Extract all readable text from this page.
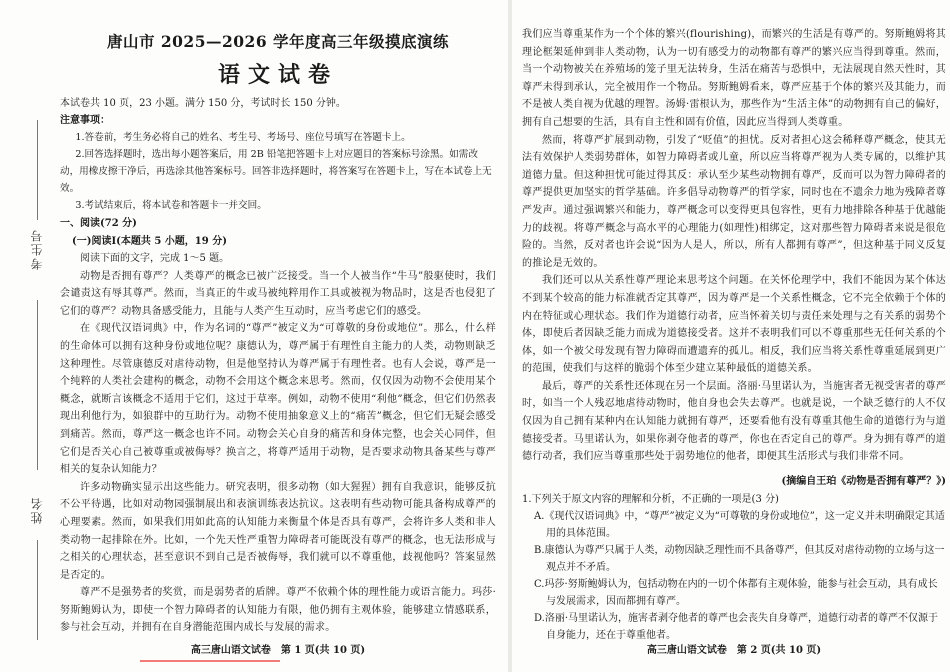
考生号
姓名
唐山市 2025—2026 学年度高三年级摸底演练
语文试卷

本试卷共 10 页，23 小题。满分 150 分，考试时长 150 分钟。

注意事项：

1.答卷前，考生务必将自己的姓名、考生号、考场号、座位号填写在答题卡上。

2.回答选择题时，选出每小题答案后，用 2B 铅笔把答题卡上对应题目的答案标号涂黑。如需改动，用橡皮擦干净后，再选涂其他答案标号。回答非选择题时，将答案写在答题卡上，写在本试卷上无效。

3.考试结束后，将本试卷和答题卡一并交回。

一、阅读(72 分)
(一)阅读Ⅰ(本题共 5 小题，19 分)

阅读下面的文字，完成 1～5 题。

动物是否拥有尊严？人类尊严的概念已被广泛接受。当一个人被当作“牛马”般驱使时，我们会谴责这有辱其尊严。然而，当真正的牛或马被纯粹用作工具或被视为物品时，这是否也侵犯了它们的尊严？动物具备感受能力，且能与人类产生互动时，应当考虑它们的感受。

在《现代汉语词典》中，作为名词的“尊严”被定义为“可尊敬的身份或地位”。那么，什么样的生命体可以拥有这种身份或地位呢？康德认为，尊严属于有理性自主能力的人类，动物则缺乏这种理性。尽管康德反对虐待动物，但是他坚持认为尊严属于有理性者。也有人会说，尊严是一个纯粹的人类社会建构的概念，动物不会用这个概念来思考。然而，仅仅因为动物不会使用某个概念，就断言该概念不适用于它们，这过于草率。例如，动物不使用“利他”概念，但它们仍然表现出利他行为，如狼群中的互助行为。动物不使用抽象意义上的“痛苦”概念，但它们无疑会感受到痛苦。然而，尊严这一概念也许不同。动物会关心自身的痛苦和身体完整，也会关心同伴，但它们是否关心自己被尊重或被侮辱？换言之，将尊严适用于动物，是否要求动物具备某些与尊严相关的复杂认知能力？

许多动物确实显示出这些能力。研究表明，很多动物（如大猩猩）拥有自我意识，能够反抗不公平待遇，比如对动物园强制展出和表演训练表达抗议。这表明有些动物可能具备构成尊严的心理要素。然而，如果我们用如此高的认知能力来衡量个体是否具有尊严，会将许多人类和非人类动物一起排除在外。比如，一个先天性严重智力障碍者可能既没有尊严的概念，也无法形成与之相关的心理状态，甚至意识不到自己是否被侮辱，我们就可以不尊重他，歧视他吗？答案显然是否定的。

尊严不是强势者的奖赏，而是弱势者的盾牌。尊严不依赖个体的理性能力或语言能力。玛莎·努斯鲍姆认为，即使一个智力障碍者的认知能力有限，他仍拥有主观体验，能够建立情感联系，参与社会互动，并拥有在自身潜能范围内成长与发展的需求。

高三唐山语文试卷　第 1 页(共 10 页)

我们应当尊重某作为一个个体的繁兴(flourishing)，而繁兴的生活是有尊严的。努斯鲍姆将其理论框架延伸到非人类动物，认为一切有感受力的动物都有尊严的繁兴应当得到尊重。然而，当一个动物被关在养殖场的笼子里无法转身，生活在痛苦与恐惧中，无法展现自然天性时，其尊严未得到承认，完全被用作一个物品。努斯鲍姆看来，尊严应基于个体的繁兴及其能力，而不是被人类自视为优越的理智。汤姆·雷根认为，那些作为“生活主体”的动物拥有自己的偏好，拥有自己想要的生活，具有自主性和固有价值，因此应当得到人类尊重。

然而，将尊严扩展到动物，引发了“贬值”的担忧。反对者担心这会稀释尊严概念，使其无法有效保护人类弱势群体，如智力障碍者或儿童，所以应当将尊严视为人类专属的，以维护其道德力量。但这种担忧可能过得其反：承认至少某些动物拥有尊严，反而可以为智力障碍者的尊严提供更加坚实的哲学基础。许多倡导动物尊严的哲学家，同时也在不遗余力地为残障者尊严发声。通过强调繁兴和能力，尊严概念可以变得更具包容性，更有力地排除各种基于优越能力的歧视。将尊严概念与高水平的心理能力(如理性)相绑定，这对那些智力障碍者来说是很危险的。当然，反对者也许会说“因为人是人，所以，所有人都拥有尊严”，但这种基于同义反复的推论是无效的。

我们还可以从关系性尊严理论来思考这个问题。在关怀伦理学中，我们不能因为某个体达不到某个较高的能力标准就否定其尊严，因为尊严是一个关系性概念，它不完全依赖于个体的内在特征或心理状态。我们作为道德行动者，应当怀着关切与责任来处理与之有关系的弱势个体，即使后者因缺乏能力而成为道德接受者。这并不表明我们可以不尊重那些无任何关系的个体，如一个被父母发现有智力障碍而遭遗弃的孤儿。相反，我们应当将关系性尊重延展到更广的范围，使我们与这样的脆弱个体至少建立某种最低的道德关系。

最后，尊严的关系性还体现在另一个层面。洛丽·马里诺认为，当施害者无视受害者的尊严时，如当一个人残忍地虐待动物时，他自身也会失去尊严。也就是说，一个缺乏德行的人不仅仅因为自己拥有某种内在认知能力就拥有尊严，还要看他有没有尊重其他生命的道德行为与道德接受者。马里诺认为，如果你剥夺他者的尊严，你也在否定自己的尊严。身为拥有尊严的道德行动者，我们应当尊重那些处于弱势地位的他者，即便其生活形式与我们非常不同。

(摘编自王珀《动物是否拥有尊严？》)

1.下列关于原文内容的理解和分析，不正确的一项是(3 分)

A.《现代汉语词典》中，“尊严”被定义为“可尊敬的身份或地位”，这一定义并未明确限定其适用的具体范围。

B.康德认为尊严只属于人类，动物因缺乏理性而不具备尊严，但其反对虐待动物的立场与这一观点并不矛盾。

C.玛莎·努斯鲍姆认为，包括动物在内的一切个体都有主观体验，能参与社会互动，具有成长与发展需求，因而都拥有尊严。

D.洛丽·马里诺认为，施害者剥夺他者的尊严也会丧失自身尊严，道德行动者的尊严不仅源于自身能力，还在于尊重他者。

高三唐山语文试卷　第 2 页(共 10 页)
